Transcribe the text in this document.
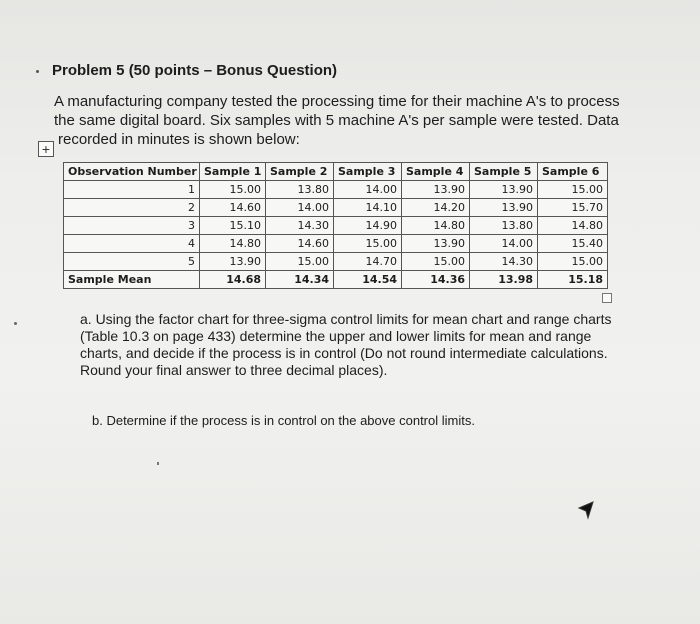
Problem 5 (50 points – Bonus Question)
A manufacturing company tested the processing time for their machine A's to process
the same digital board. Six samples with 5 machine A's per sample were tested. Data
recorded in minutes is shown below:
+
Observation Number	Sample 1	Sample 2	Sample 3	Sample 4	Sample 5	Sample 6
1	15.00	13.80	14.00	13.90	13.90	15.00
2	14.60	14.00	14.10	14.20	13.90	15.70
3	15.10	14.30	14.90	14.80	13.80	14.80
4	14.80	14.60	15.00	13.90	14.00	15.40
5	13.90	15.00	14.70	15.00	14.30	15.00
Sample Mean	14.68	14.34	14.54	14.36	13.98	15.18
a. Using the factor chart for three-sigma control limits for mean chart and range charts
(Table 10.3 on page 433) determine the upper and lower limits for mean and range
charts, and decide if the process is in control (Do not round intermediate calculations.
Round your final answer to three decimal places).
b. Determine if the process is in control on the above control limits.
